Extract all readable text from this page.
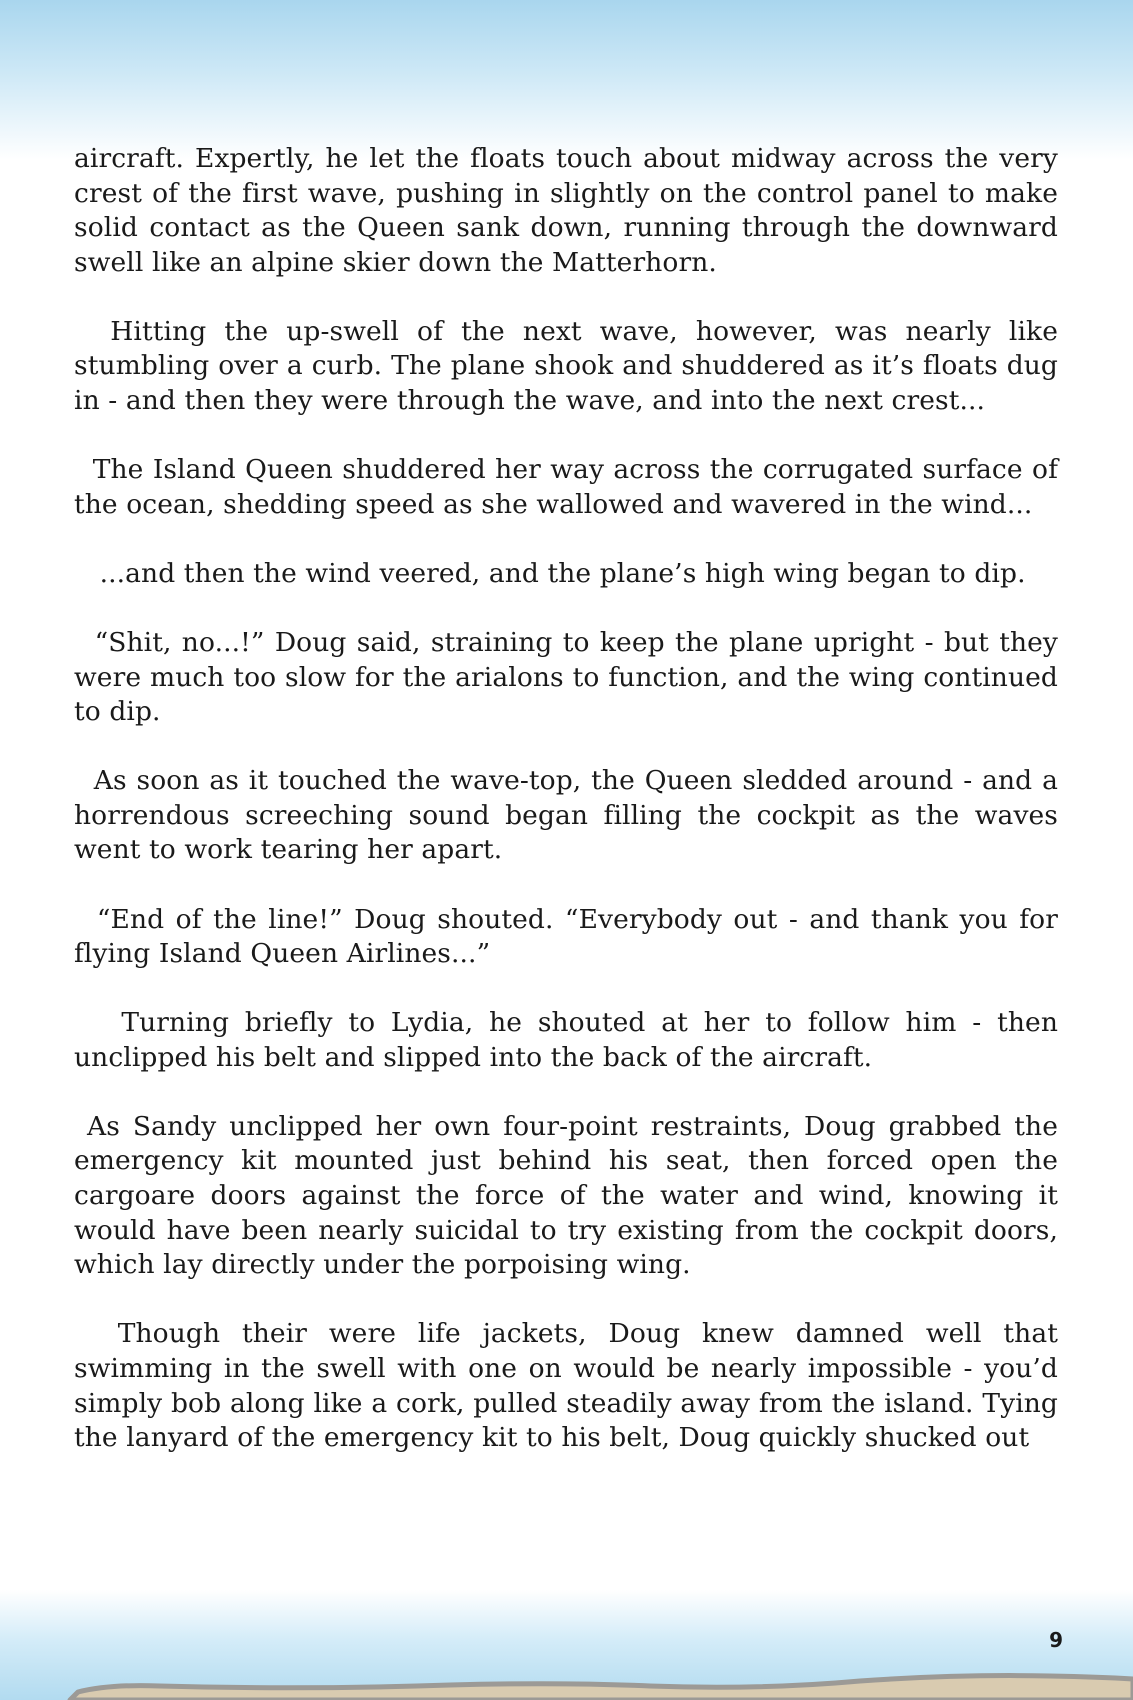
aircraft. Expertly, he let the floats touch about midway across the very crest of the first wave, pushing in slightly on the control panel to make solid contact as the Queen sank down, running through the downward swell like an alpine skier down the Matterhorn.

Hitting the up-swell of the next wave, however, was nearly like stumbling over a curb. The plane shook and shuddered as it’s floats dug in - and then they were through the wave, and into the next crest...

The Island Queen shuddered her way across the corrugated surface of the ocean, shedding speed as she wallowed and wavered in the wind...

...and then the wind veered, and the plane’s high wing began to dip.

“Shit, no...!” Doug said, straining to keep the plane upright - but they were much too slow for the arialons to function, and the wing continued to dip.

As soon as it touched the wave-top, the Queen sledded around - and a horrendous screeching sound began filling the cockpit as the waves went to work tearing her apart.

“End of the line!” Doug shouted. “Everybody out - and thank you for flying Island Queen Airlines...”

Turning briefly to Lydia, he shouted at her to follow him - then unclipped his belt and slipped into the back of the aircraft.

As Sandy unclipped her own four-point restraints, Doug grabbed the emergency kit mounted just behind his seat, then forced open the cargoare doors against the force of the water and wind, knowing it would have been nearly suicidal to try existing from the cockpit doors, which lay directly under the porpoising wing.

Though their were life jackets, Doug knew damned well that swimming in the swell with one on would be nearly impossible - you’d simply bob along like a cork, pulled steadily away from the island. Tying the lanyard of the emergency kit to his belt, Doug quickly shucked out

9
